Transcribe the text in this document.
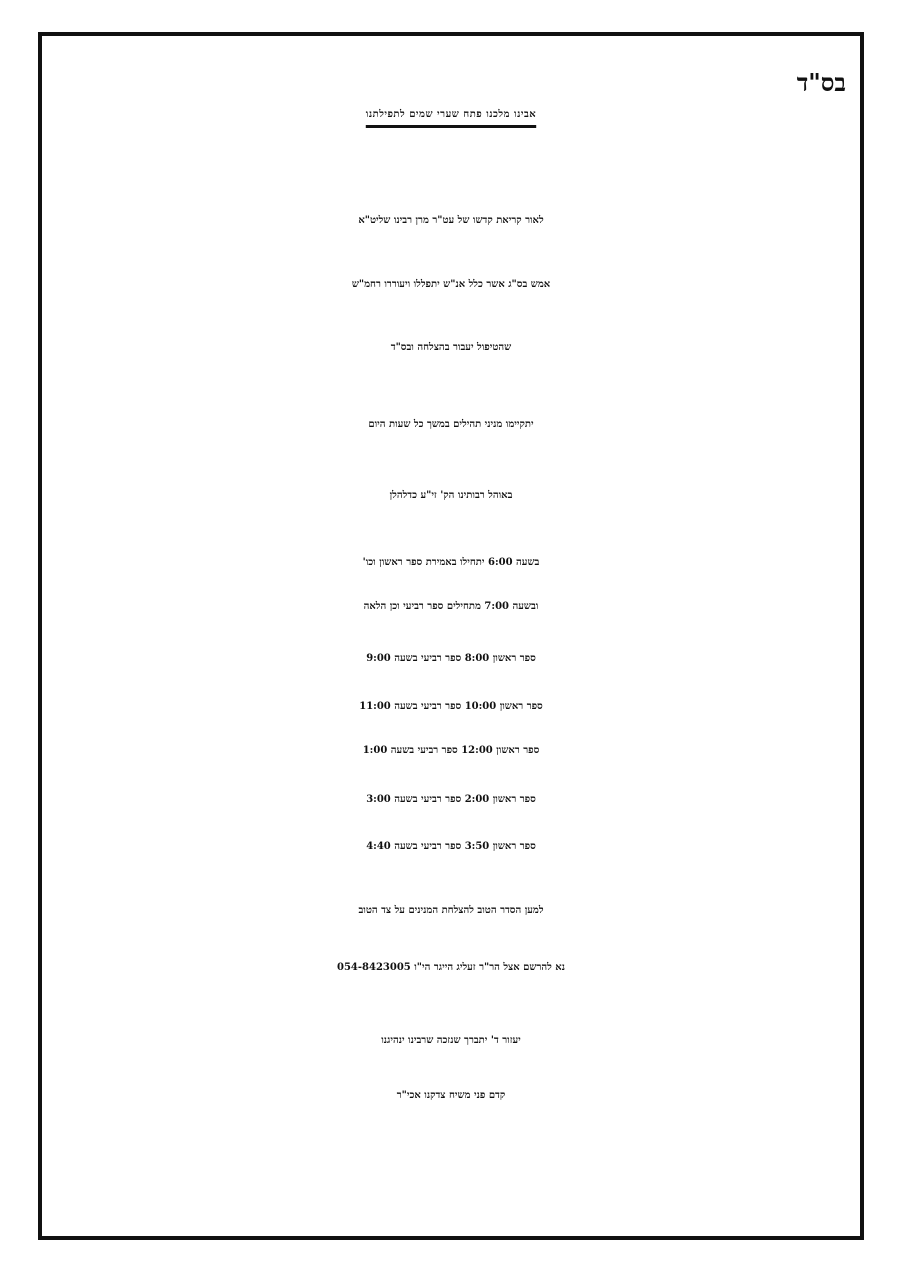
בס"ד
אבינו מלכנו פתח שערי שמים לתפילתנו
לאור קריאת קדשו של עט"ר מרן רבינו שליט"א
אמש בס"ג אשר כלל אנ"ש יתפללו ויעוררו רחמ"ש
שהטיפול יעבור בהצלחה ובס"ד
יתקיימו מניני תהילים במשך כל שעות היום
באוהל רבותינו הק' זי"ע כדלהלן
בשעה 6:00 יתחילו באמירת ספר ראשון וכו'
ובשעה 7:00 מתחילים ספר רביעי וכן הלאה
ספר ראשון 8:00 ספר רביעי בשעה 9:00
ספר ראשון 10:00 ספר רביעי בשעה 11:00
ספר ראשון 12:00 ספר רביעי בשעה 1:00
ספר ראשון 2:00 ספר רביעי בשעה 3:00
ספר ראשון 3:50 ספר רביעי בשעה 4:40
למען הסדר הטוב להצלחת המנינים על צד הטוב
נא להרשם אצל הר"ר זעליג הייגר הי"ו 054-8423005
יעזור ד' יתברך שנזכה שרבינו ינהיגנו
קדם פני משיח צדקנו אכי"ר
